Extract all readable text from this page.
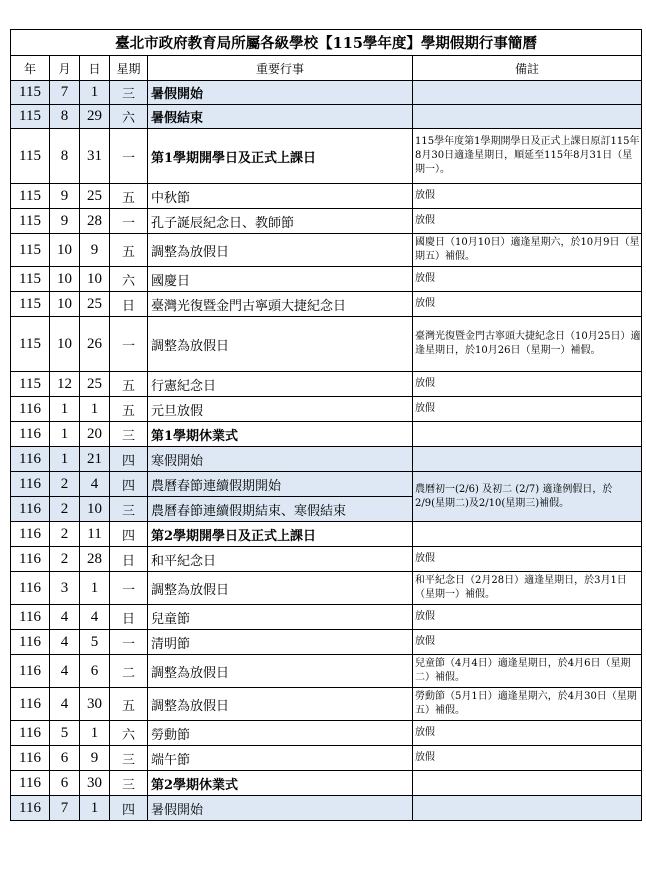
臺北市政府教育局所屬各級學校【115學年度】學期假期行事簡曆					
年	月	日	星期	重要行事	備註
115	7	1	三	暑假開始	
115	8	29	六	暑假結束	
115	8	31	一	第1學期開學日及正式上課日	115學年度第1學期開學日及正式上課日原訂115年8月30日適逢星期日，順延至115年8月31日（星期一）。
115	9	25	五	中秋節	放假
115	9	28	一	孔子誕辰紀念日、教師節	放假
115	10	9	五	調整為放假日	國慶日（10月10日）適逢星期六，於10月9日（星期五）補假。
115	10	10	六	國慶日	放假
115	10	25	日	臺灣光復暨金門古寧頭大捷紀念日	放假
115	10	26	一	調整為放假日	臺灣光復暨金門古寧頭大捷紀念日（10月25日）適逢星期日，於10月26日（星期一）補假。
115	12	25	五	行憲紀念日	放假
116	1	1	五	元旦放假	放假
116	1	20	三	第1學期休業式	
116	1	21	四	寒假開始	
116	2	4	四	農曆春節連續假期開始	農曆初一(2/6) 及初二 (2/7) 適逢例假日，於2/9(星期二)及2/10(星期三)補假。
116	2	10	三	農曆春節連續假期結束、寒假結束	
116	2	11	四	第2學期開學日及正式上課日	
116	2	28	日	和平紀念日	放假
116	3	1	一	調整為放假日	和平紀念日（2月28日）適逢星期日，於3月1日（星期一）補假。
116	4	4	日	兒童節	放假
116	4	5	一	清明節	放假
116	4	6	二	調整為放假日	兒童節（4月4日）適逢星期日，於4月6日（星期二）補假。
116	4	30	五	調整為放假日	勞動節（5月1日）適逢星期六，於4月30日（星期五）補假。
116	5	1	六	勞動節	放假
116	6	9	三	端午節	放假
116	6	30	三	第2學期休業式	
116	7	1	四	暑假開始	
